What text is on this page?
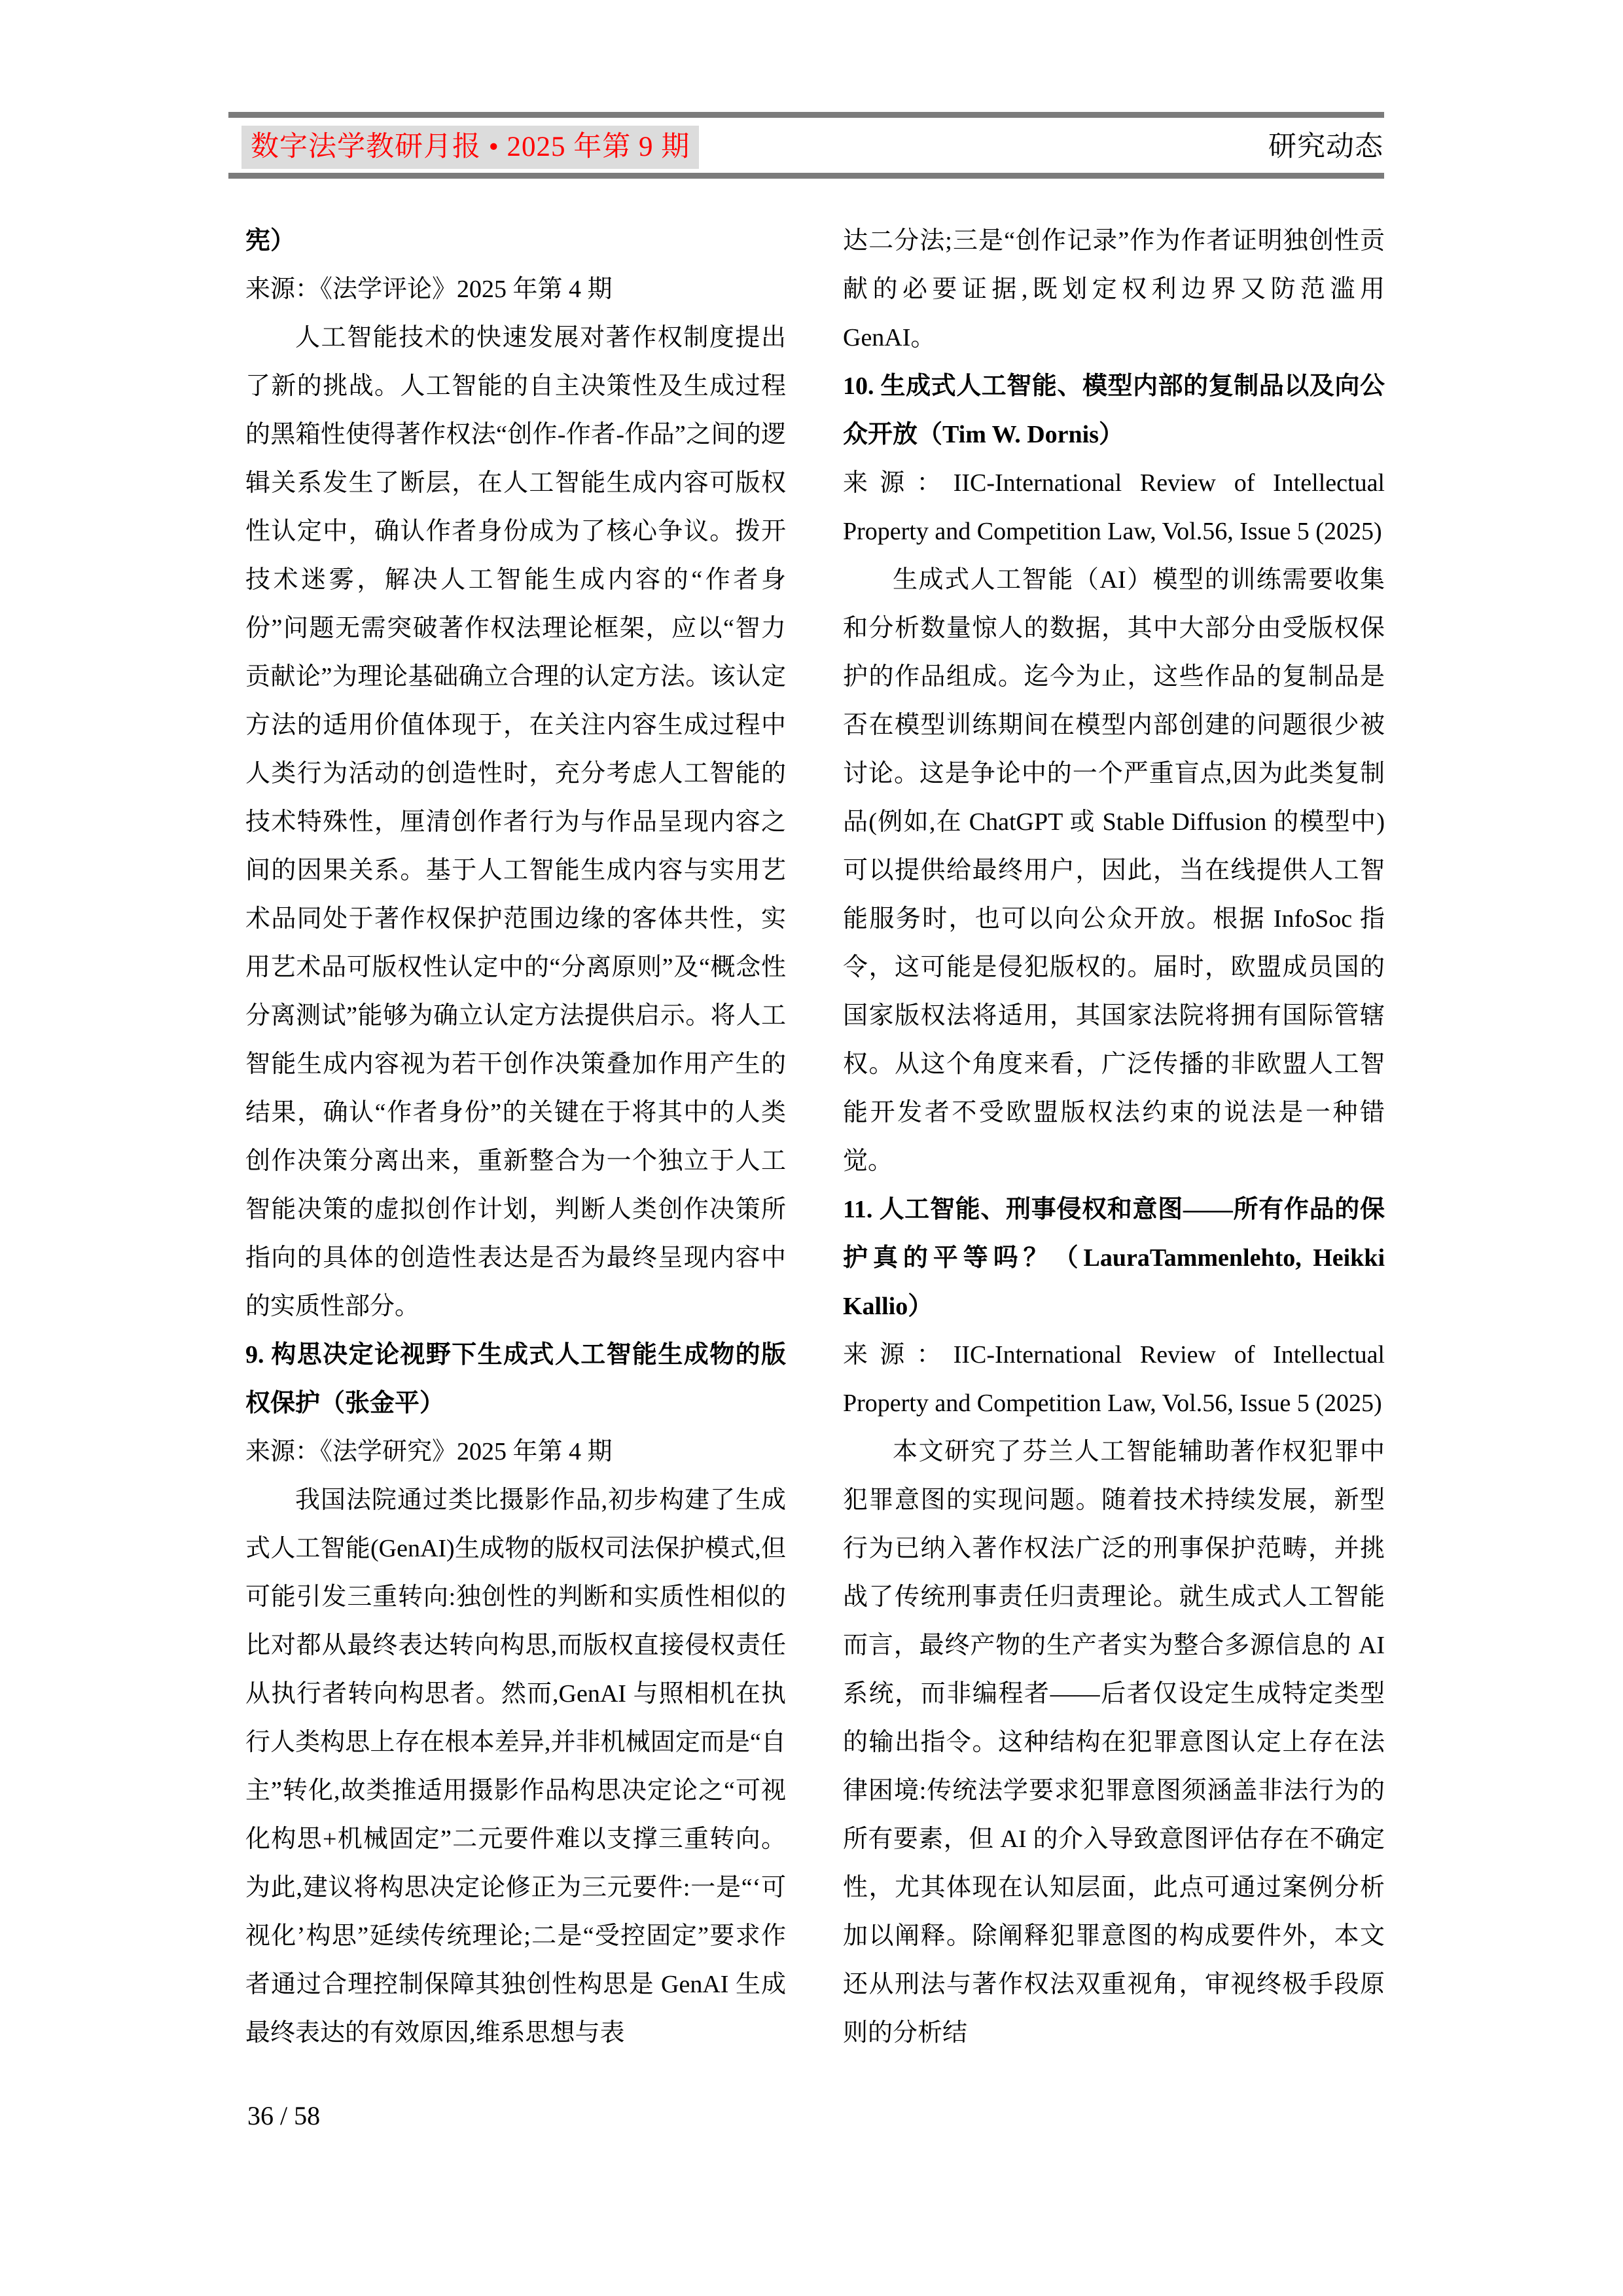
数字法学教研月报 • 2025 年第 9 期	研究动态

宪）

来源：《法学评论》2025 年第 4 期

人工智能技术的快速发展对著作权制度提出了新的挑战。人工智能的自主决策性及生成过程的黑箱性使得著作权法“创作-作者-作品”之间的逻辑关系发生了断层，在人工智能生成内容可版权性认定中，确认作者身份成为了核心争议。拨开技术迷雾，解决人工智能生成内容的“作者身份”问题无需突破著作权法理论框架，应以“智力贡献论”为理论基础确立合理的认定方法。该认定方法的适用价值体现于，在关注内容生成过程中人类行为活动的创造性时，充分考虑人工智能的技术特殊性，厘清创作者行为与作品呈现内容之间的因果关系。基于人工智能生成内容与实用艺术品同处于著作权保护范围边缘的客体共性，实用艺术品可版权性认定中的“分离原则”及“概念性分离测试”能够为确立认定方法提供启示。将人工智能生成内容视为若干创作决策叠加作用产生的结果，确认“作者身份”的关键在于将其中的人类创作决策分离出来，重新整合为一个独立于人工智能决策的虚拟创作计划，判断人类创作决策所指向的具体的创造性表达是否为最终呈现内容中的实质性部分。

9. 构思决定论视野下生成式人工智能生成物的版权保护（张金平）

来源：《法学研究》2025 年第 4 期

我国法院通过类比摄影作品,初步构建了生成式人工智能(GenAI)生成物的版权司法保护模式,但可能引发三重转向:独创性的判断和实质性相似的比对都从最终表达转向构思,而版权直接侵权责任从执行者转向构思者。然而,GenAI 与照相机在执行人类构思上存在根本差异,并非机械固定而是“自主”转化,故类推适用摄影作品构思决定论之“可视化构思+机械固定”二元要件难以支撑三重转向。为此,建议将构思决定论修正为三元要件:一是“‘可视化’构思”延续传统理论;二是“受控固定”要求作者通过合理控制保障其独创性构思是 GenAI 生成最终表达的有效原因,维系思想与表

达二分法;三是“创作记录”作为作者证明独创性贡献的必要证据,既划定权利边界又防范滥用GenAI。

10. 生成式人工智能、模型内部的复制品以及向公众开放（Tim W. Dornis）

来源：IIC-International Review of Intellectual Property and Competition Law, Vol.56, Issue 5 (2025)

生成式人工智能（AI）模型的训练需要收集和分析数量惊人的数据，其中大部分由受版权保护的作品组成。迄今为止，这些作品的复制品是否在模型训练期间在模型内部创建的问题很少被讨论。这是争论中的一个严重盲点,因为此类复制品(例如,在 ChatGPT 或 Stable Diffusion 的模型中)可以提供给最终用户，因此，当在线提供人工智能服务时，也可以向公众开放。根据 InfoSoc 指令，这可能是侵犯版权的。届时，欧盟成员国的国家版权法将适用，其国家法院将拥有国际管辖权。从这个角度来看，广泛传播的非欧盟人工智能开发者不受欧盟版权法约束的说法是一种错觉。

11. 人工智能、刑事侵权和意图——所有作品的保护真的平等吗？（LauraTammenlehto, Heikki Kallio）

来源：IIC-International Review of Intellectual Property and Competition Law, Vol.56, Issue 5 (2025)

本文研究了芬兰人工智能辅助著作权犯罪中犯罪意图的实现问题。随着技术持续发展，新型行为已纳入著作权法广泛的刑事保护范畴，并挑战了传统刑事责任归责理论。就生成式人工智能而言，最终产物的生产者实为整合多源信息的 AI 系统，而非编程者——后者仅设定生成特定类型的输出指令。这种结构在犯罪意图认定上存在法律困境:传统法学要求犯罪意图须涵盖非法行为的所有要素，但 AI 的介入导致意图评估存在不确定性，尤其体现在认知层面，此点可通过案例分析加以阐释。除阐释犯罪意图的构成要件外，本文还从刑法与著作权法双重视角，审视终极手段原则的分析结

36 / 58
